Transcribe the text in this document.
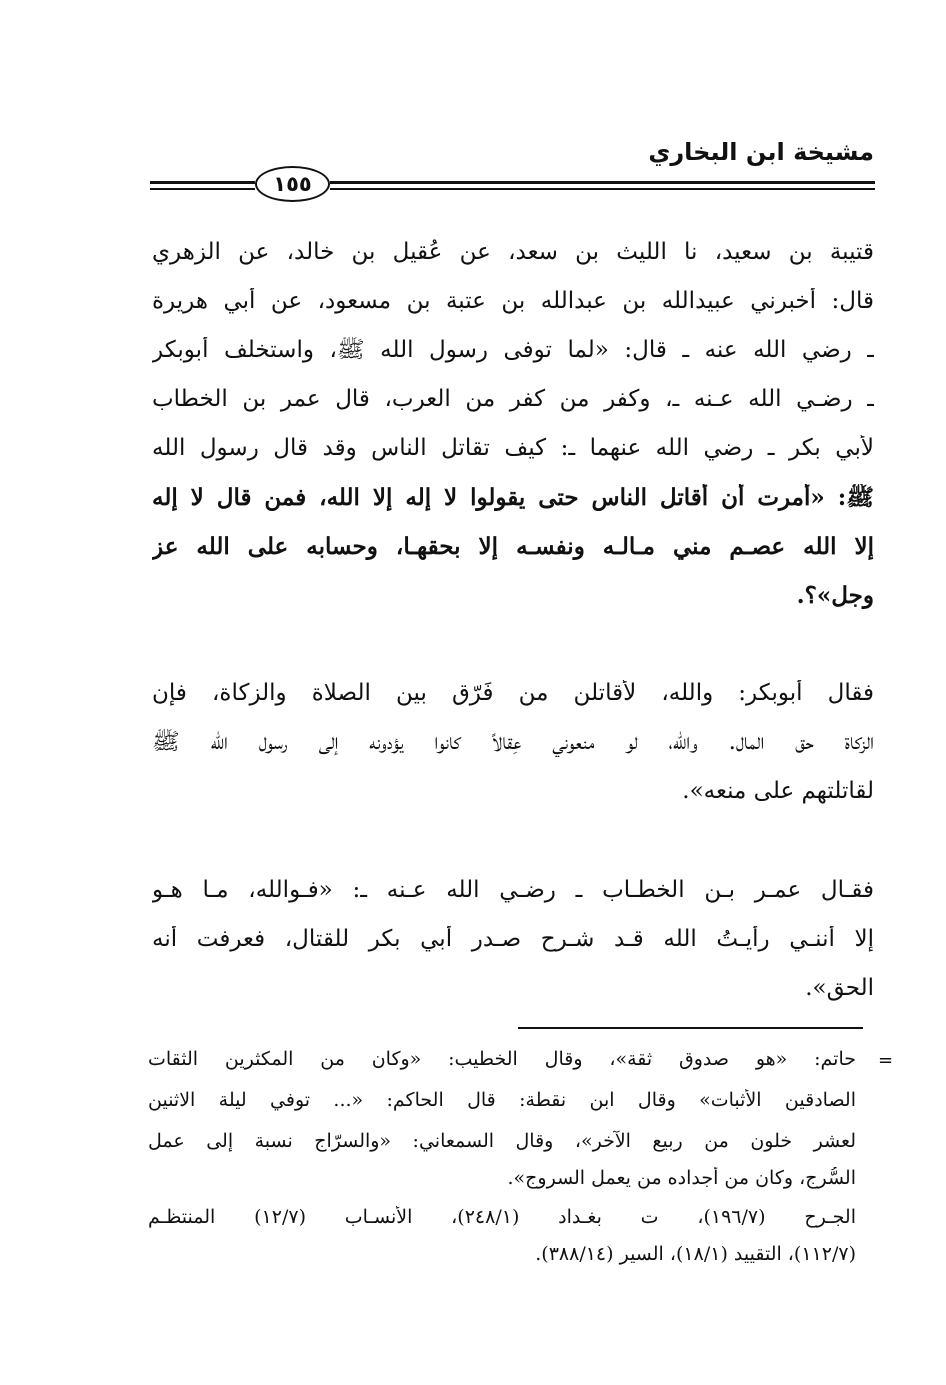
مشيخة ابن البخاري
١٥٥
قتيبة بن سعيد، نا الليث بن سعد، عن عُقيل بن خالد، عن الزهري
قال: أخبرني عبيدالله بن عبدالله بن عتبة بن مسعود، عن أبي هريرة
ـ رضي الله عنه ـ قال: «لما توفى رسول الله ﷺ، واستخلف أبوبكر
ـ رضـي الله عـنه ـ، وكفر من كفر من العرب، قال عمر بن الخطاب
لأبي بكر ـ رضي الله عنهما ـ: كيف تقاتل الناس وقد قال رسول الله
ﷺ: «أُمرت أن أقاتل الناس حتى يقولوا لا إله إلا الله، فمن قال لا إله
إلا الله عصـم مني مـالـه ونفسـه إلا بحقهـا، وحسابه على الله عز
وجل»؟.
فقال أبوبكر: والله، لأقاتلن من فَرّق بين الصلاة والزكاة، فإن
الزكاة حق المال. والله، لو منعوني عِقالاً كانوا يؤدونه إلى رسول الله ﷺ
لقاتلتهم على منعه».
فقـال عمـر بـن الخطـاب ـ رضـي الله عـنه ـ: «فـوالله، مـا هـو
إلا أننـي رأيـتُ الله قـد شـرح صـدر أبي بكر للقتال، فعرفت أنه
الحق».
=
حاتم: «هو صدوق ثقة»، وقال الخطيب: «وكان من المكثرين الثقات
الصادقين الأثبات» وقال ابن نقطة: قال الحاكم: «... توفي ليلة الاثنين
لعشر خلون من ربيع الآخر»، وقال السمعاني: «والسرّاج نسبة إلى عمل
السُّرج، وكان من أجداده من يعمل السروج».
الجـرح (١٩٦/٧)، ت بغـداد (٢٤٨/١)، الأنسـاب (١٢/٧) المنتظـم
(١١٢/٧)، التقييد (١٨/١)، السير (٣٨٨/١٤).
